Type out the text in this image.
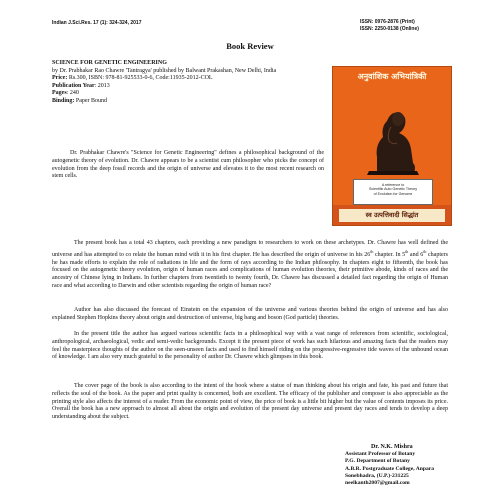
Indian J.Sci.Res. 17 (1): 324-324, 2017	ISSN: 0976-2876 (Print)
ISSN: 2250-0138 (Online)
Book Review
SCIENCE FOR GENETIC ENGINEERING
by Dr. Prabhakar Rao Chawre 'Tantragya' published by Balwant Prakashan, New Delhi, India
Price: Rs.300, ISBN: 978-81-925533-0-6, Code:11935-2012-COL
Publication Year: 2013
Pages: 240
Binding: Paper Bound

Dr. Prabhakar Chawre's "Science for Genetic Engineering" defines a philosophical background of the autogenetic theory of evolution. Dr. Chawre appears to be a scientist cum philosopher who picks the concept of evolution from the deep fossil records and the origin of universe and elevates it to the most recent research on stem cells.

अनुवांशिक अभियांत्रिकी
A reference to
Scientific Auto Genetic Theory
of Evolution for Genome
स्व उत्पत्तिवादी सिद्धांत

The present book has a total 43 chapters, each providing a new paradigm to researchers to work on these archetypes. Dr. Chawre has well defined the universe and has attempted to co relate the human mind with it in his first chapter. He has described the origin of universe in his 26th chapter. In 5th and 6th chapters he has made efforts to explain the role of radiations in life and the form of rays according to the Indian philosophy. In chapters eight to fifteenth, the book has focused on the autogenetic theory evolution, origin of human races and complications of human evolution theories, their primitive abode, kinds of races and the ancestry of Chinese lying in Indians. In further chapters from twentieth to twenty fourth, Dr. Chawre has discussed a detailed fact regarding the origin of Human race and what according to Darwin and other scientists regarding the origin of human race?

Author has also discussed the forecast of Einstein on the expansion of the universe and various theories behind the origin of universe and has also explained Stephen Hopkins theory about origin and destruction of universe, big bang and boson (God particle) theories.

In the present title the author has argued various scientific facts in a philosophical way with a vast range of references from scientific, sociological, anthropological, archaeological, vedic and semi-vedic backgrounds. Except it the present piece of work has such hilarious and amazing facts that the readers may feel the masterpiece thoughts of the author on the seen-unseen facts and used to find himself riding on the progressive-regressive tide waves of the unbound ocean of knowledge. I am also very much grateful to the personality of author Dr. Chawre which glimpses in this book.

The cover page of the book is also according to the intent of the book where a statue of man thinking about his origin and fate, his past and future that reflects the soul of the book. As the paper and print quality is concerned, both are excellent. The efficacy of the publisher and composer is also appreciable as the printing style also affects the interest of a reader. From the economic point of view, the price of book is a little bit higher but the value of contents imposes its price. Overall the book has a new approach to almost all about the origin and evolution of the present day universe and present day races and tends to develop a deep understanding about the subject.

Dr. N.K. Mishra
Assistant Professor of Botany
P.G. Department of Botany
A.B.R. Postgraduate College, Anpara
Sonebhadra, (U.P.)-231225
neelkanth2007@gmail.com
